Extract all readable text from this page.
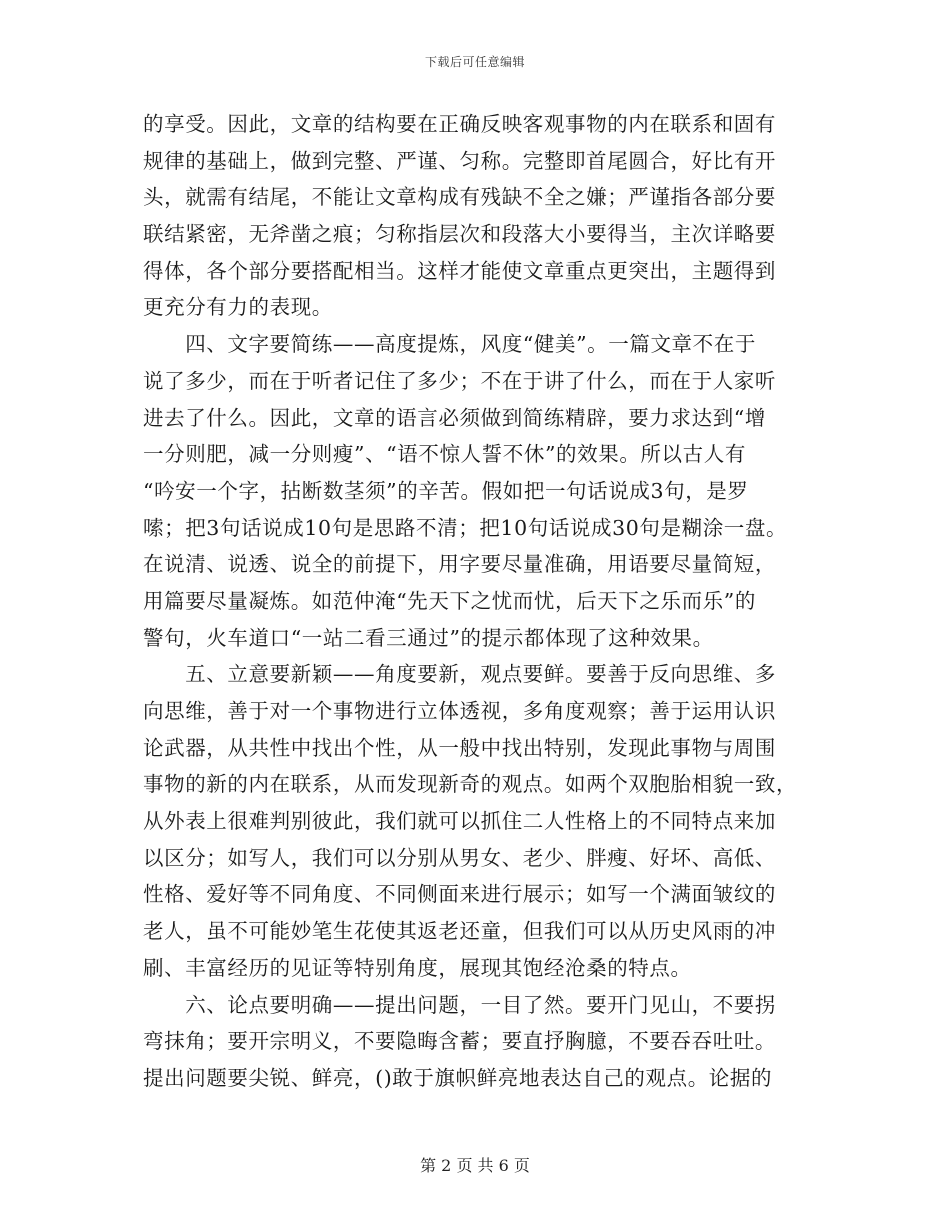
下载后可任意编辑
的享受。因此，文章的结构要在正确反映客观事物的内在联系和固有
规律的基础上，做到完整、严谨、匀称。完整即首尾圆合，好比有开
头，就需有结尾，不能让文章构成有残缺不全之嫌；严谨指各部分要
联结紧密，无斧凿之痕；匀称指层次和段落大小要得当，主次详略要
得体，各个部分要搭配相当。这样才能使文章重点更突出，主题得到
更充分有力的表现。
　　四、文字要简练——高度提炼，风度“健美”。一篇文章不在于
说了多少，而在于听者记住了多少；不在于讲了什么，而在于人家听
进去了什么。因此，文章的语言必须做到简练精辟，要力求达到“增
一分则肥，减一分则瘦”、“语不惊人誓不休”的效果。所以古人有
“吟安一个字，拈断数茎须”的辛苦。假如把一句话说成3句，是罗
嗦；把3句话说成10句是思路不清；把10句话说成30句是糊涂一盘。
在说清、说透、说全的前提下，用字要尽量准确，用语要尽量简短，
用篇要尽量凝炼。如范仲淹“先天下之忧而忧，后天下之乐而乐”的
警句，火车道口“一站二看三通过”的提示都体现了这种效果。
　　五、立意要新颖——角度要新，观点要鲜。要善于反向思维、多
向思维，善于对一个事物进行立体透视，多角度观察；善于运用认识
论武器，从共性中找出个性，从一般中找出特别，发现此事物与周围
事物的新的内在联系，从而发现新奇的观点。如两个双胞胎相貌一致，
从外表上很难判别彼此，我们就可以抓住二人性格上的不同特点来加
以区分；如写人，我们可以分别从男女、老少、胖瘦、好坏、高低、
性格、爱好等不同角度、不同侧面来进行展示；如写一个满面皱纹的
老人，虽不可能妙笔生花使其返老还童，但我们可以从历史风雨的冲
刷、丰富经历的见证等特别角度，展现其饱经沧桑的特点。
　　六、论点要明确——提出问题，一目了然。要开门见山，不要拐
弯抹角；要开宗明义，不要隐晦含蓄；要直抒胸臆，不要吞吞吐吐。
提出问题要尖锐、鲜亮，()敢于旗帜鲜亮地表达自己的观点。论据的
第 2 页 共 6 页
